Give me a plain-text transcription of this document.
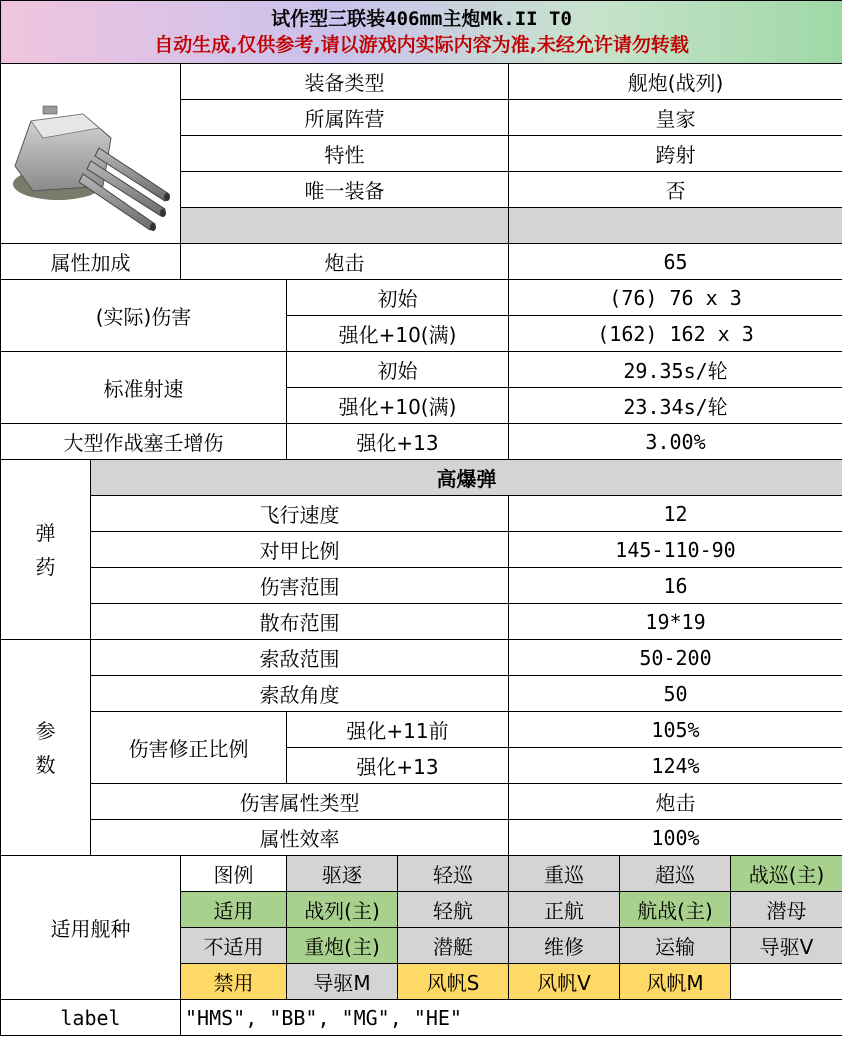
试作型三联装406mm主炮Mk.II T0
自动生成,仅供参考,请以游戏内实际内容为准,未经允许请勿转载							

	装备类型			舰炮(战列)		
		所属阵营			皇家		
		特性			跨射		
		唯一装备			否		

属性加成		炮击			65		
(实际)伤害			初始		(76) 76 x 3		
			强化+10(满)		(162) 162 x 3		
标准射速			初始		29.35s/轮		
			强化+10(满)		23.34s/轮		
大型作战塞壬增伤			强化+13		3.00%		
弹
药	高爆弹						
	飞行速度				12		
	对甲比例				145-110-90		
	伤害范围				16		
	散布范围				19*19		
参
数	索敌范围				50-200		
	索敌角度				50		
	伤害修正比例		强化+11前		105%		
			强化+13		124%		
	伤害属性类型				炮击		
	属性效率				100%		
适用舰种		图例	驱逐	轻巡	重巡	超巡	战巡(主)
		适用	战列(主)	轻航	正航	航战(主)	潜母
		不适用	重炮(主)	潜艇	维修	运输	导驱V
		禁用	导驱M	风帆S	风帆V	风帆M	
label		"HMS", "BB", "MG", "HE"					
